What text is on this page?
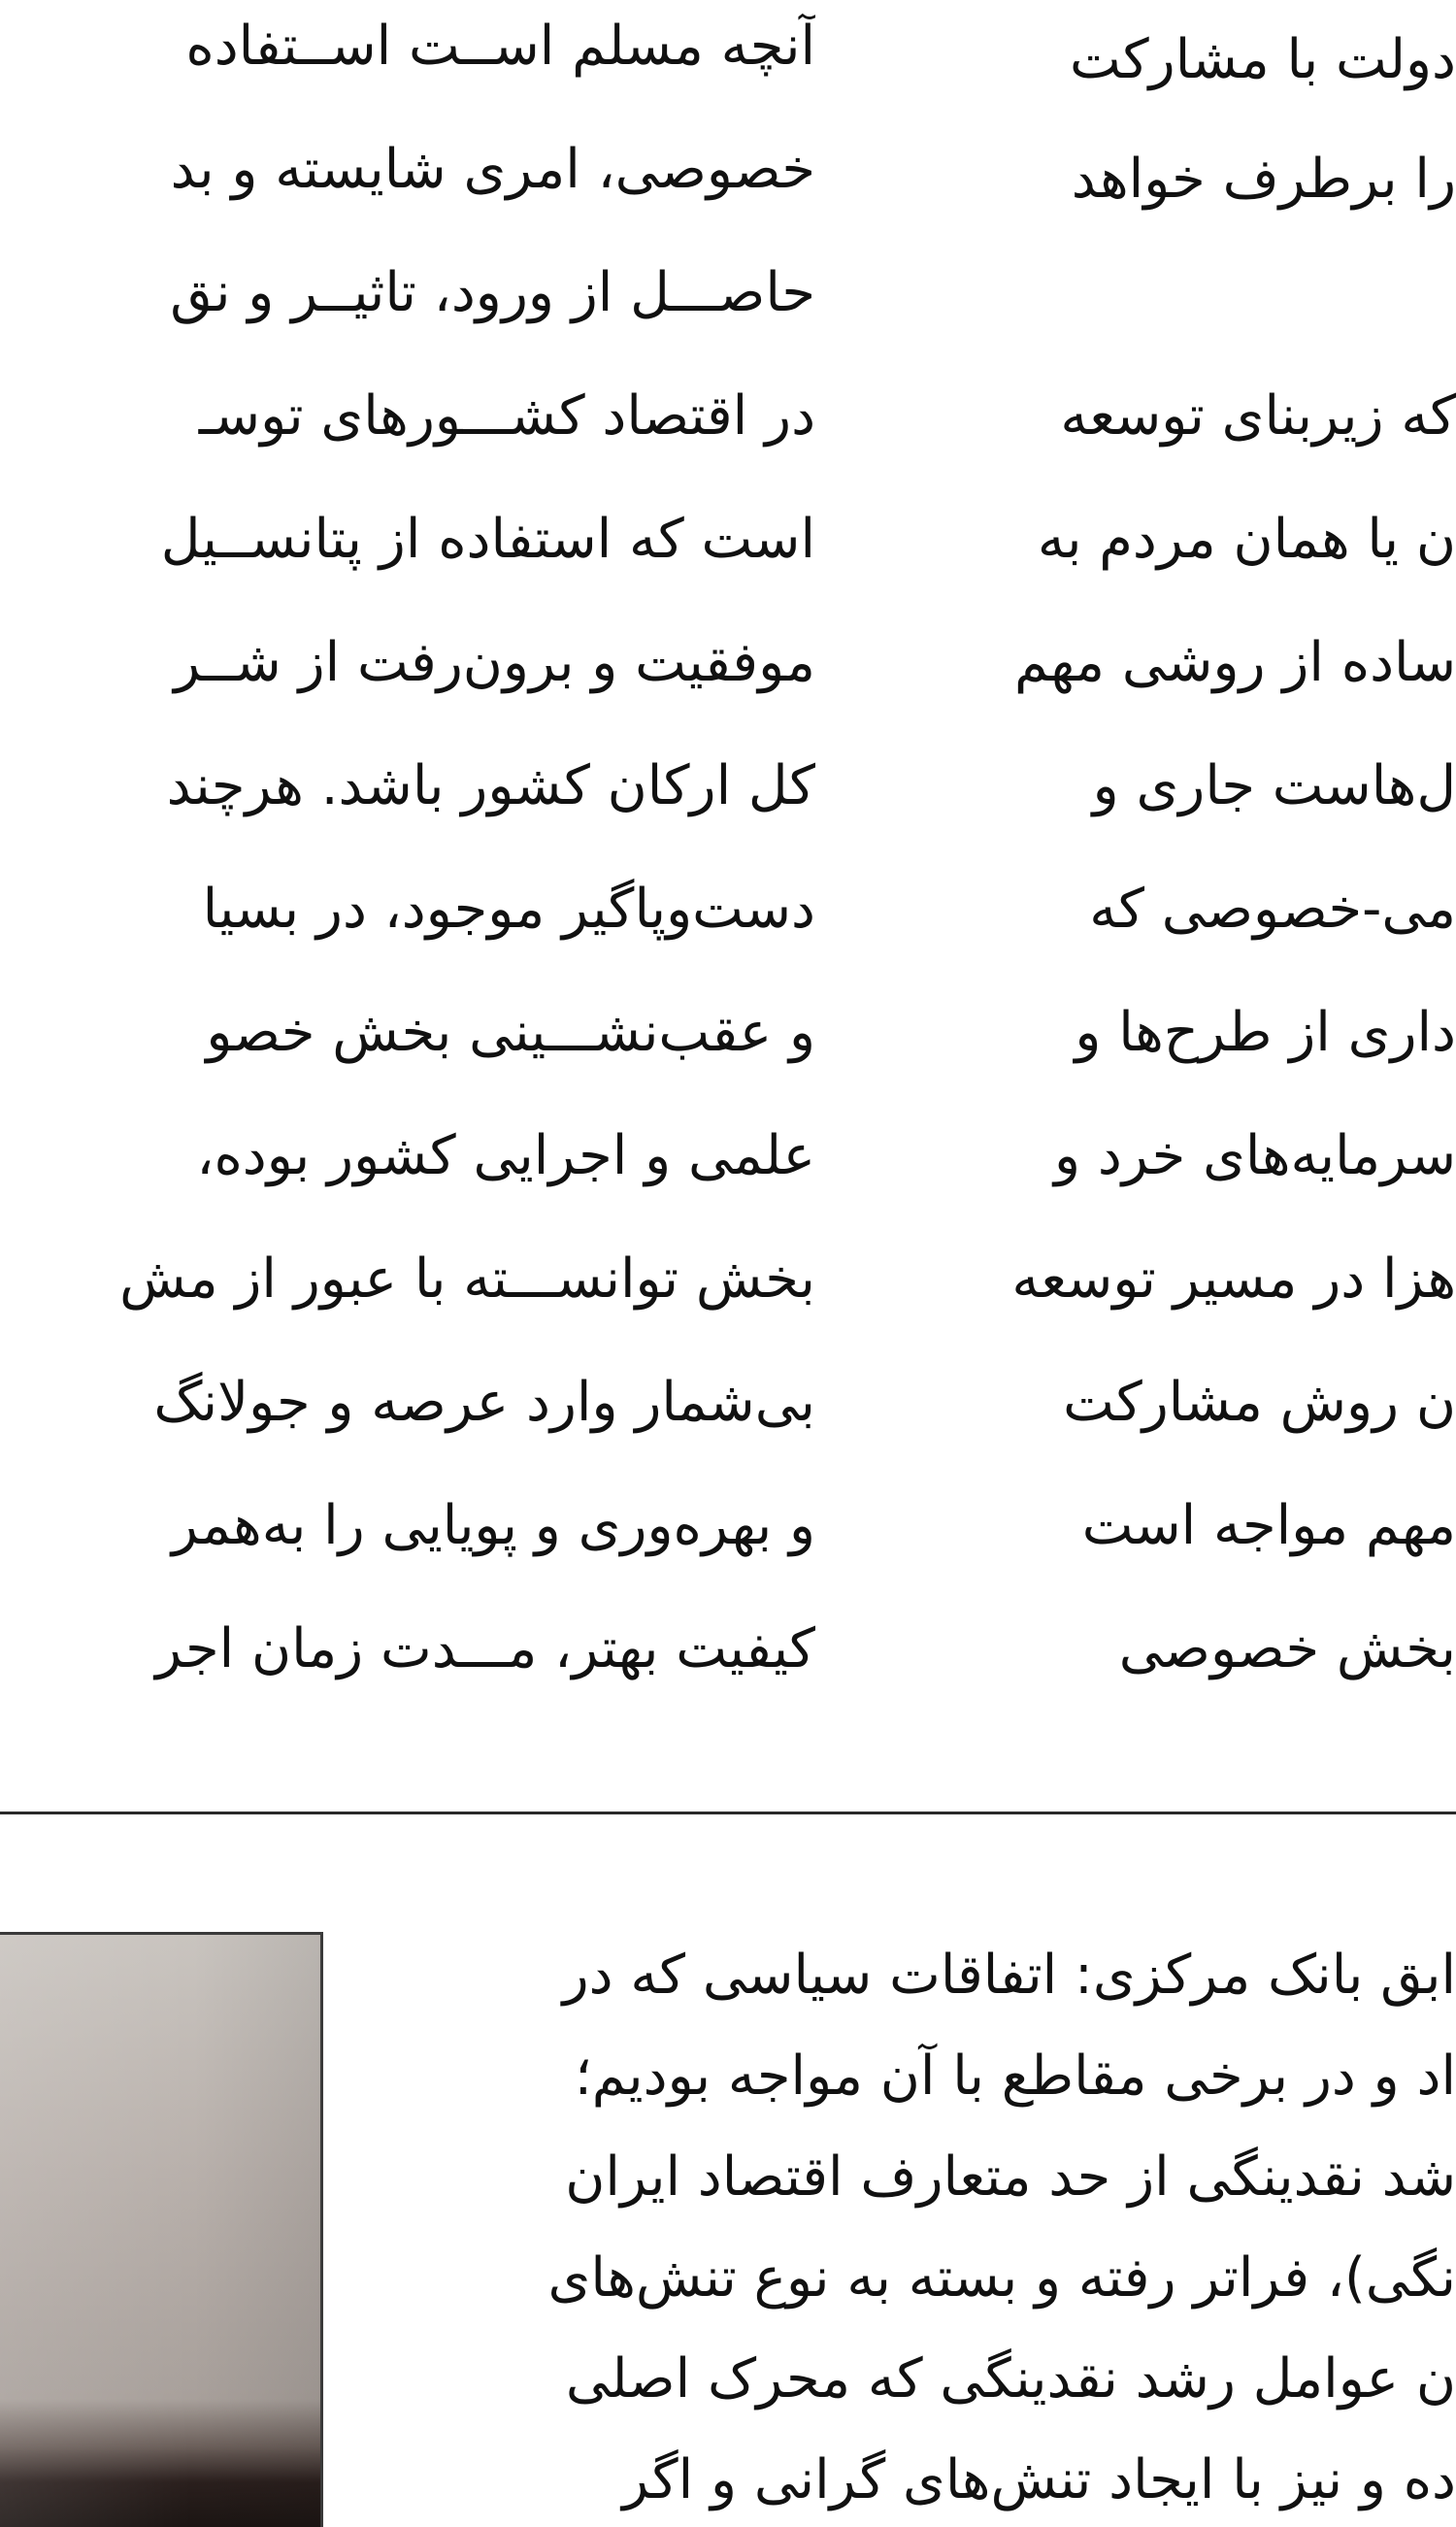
آنچه مسلم اســت اســتفاده
خصوصی، امری شایسته و بد
حاصـــل از ورود، تاثیــر و نق
در اقتصاد کشـــورهای توسـ
است که استفاده از پتانســیل
موفقیت و برون‌رفت از شــر
کل ارکان کشور باشد. هرچند
دست‌وپاگیر موجود، در بسیا
و عقب‌نشـــینی بخش خصو
علمی و اجرایی کشور بوده،
بخش توانســـته با عبور از مش
بی‌شمار وارد عرصه و جولانگ
و بهره‌وری و پویایی را به‌همر
کیفیت بهتر، مـــدت زمان اجر
دولت با مشارکت
را برطرف خواهد
که زیربنای توسعه
ن یا همان مردم به
ساده از روشی مهم
ل‌هاست جاری و
می-خصوصی که
داری از طرح‌ها و
سرمایه‌های خرد و
هزا در مسیر توسعه
ن روش مشارکت
مهم مواجه است
بخش خصوصی
ابق بانک مرکزی: اتفاقات سیاسی که در
اد و در برخی مقاطع با آن مواجه بودیم؛
شد نقدینگی از حد متعارف اقتصاد ایران
نگی)، فراتر رفته و بسته به نوع تنش‌های
ن عوامل رشد نقدینگی که محرک اصلی
ده و نیز با ایجاد تنش‌های گرانی و اگر
